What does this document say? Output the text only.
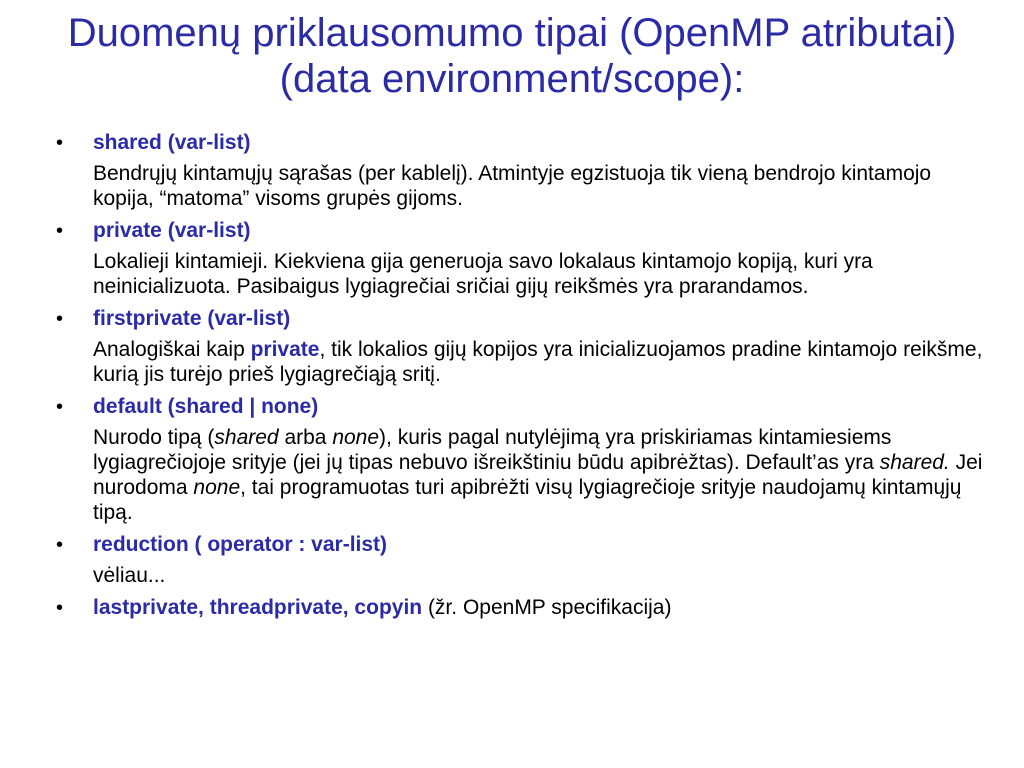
Duomenų priklausomumo tipai (OpenMP atributai)
(data environment/scope):
• shared (var-list)
Bendrųjų kintamųjų sąrašas (per kablelį). Atmintyje egzistuoja tik vieną bendrojo kintamojo kopija, “matoma” visoms grupės gijoms.
• private (var-list)
Lokalieji kintamieji. Kiekviena gija generuoja savo lokalaus kintamojo kopiją, kuri yra neinicializuota. Pasibaigus lygiagrečiai sričiai gijų reikšmės yra prarandamos.
• firstprivate (var-list)
Analogiškai kaip private, tik lokalios gijų kopijos yra inicializuojamos pradine kintamojo reikšme, kurią jis turėjo prieš lygiagrečiąją sritį.
• default (shared | none)
Nurodo tipą (shared arba none), kuris pagal nutylėjimą yra priskiriamas kintamiesiems lygiagrečiojoje srityje (jei jų tipas nebuvo išreikštiniu būdu apibrėžtas). Default’as yra shared. Jei nurodoma none, tai programuotas turi apibrėžti visų lygiagrečioje srityje naudojamų kintamųjų tipą.
• reduction ( operator : var-list)
vėliau...
• lastprivate, threadprivate, copyin (žr. OpenMP specifikacija)
